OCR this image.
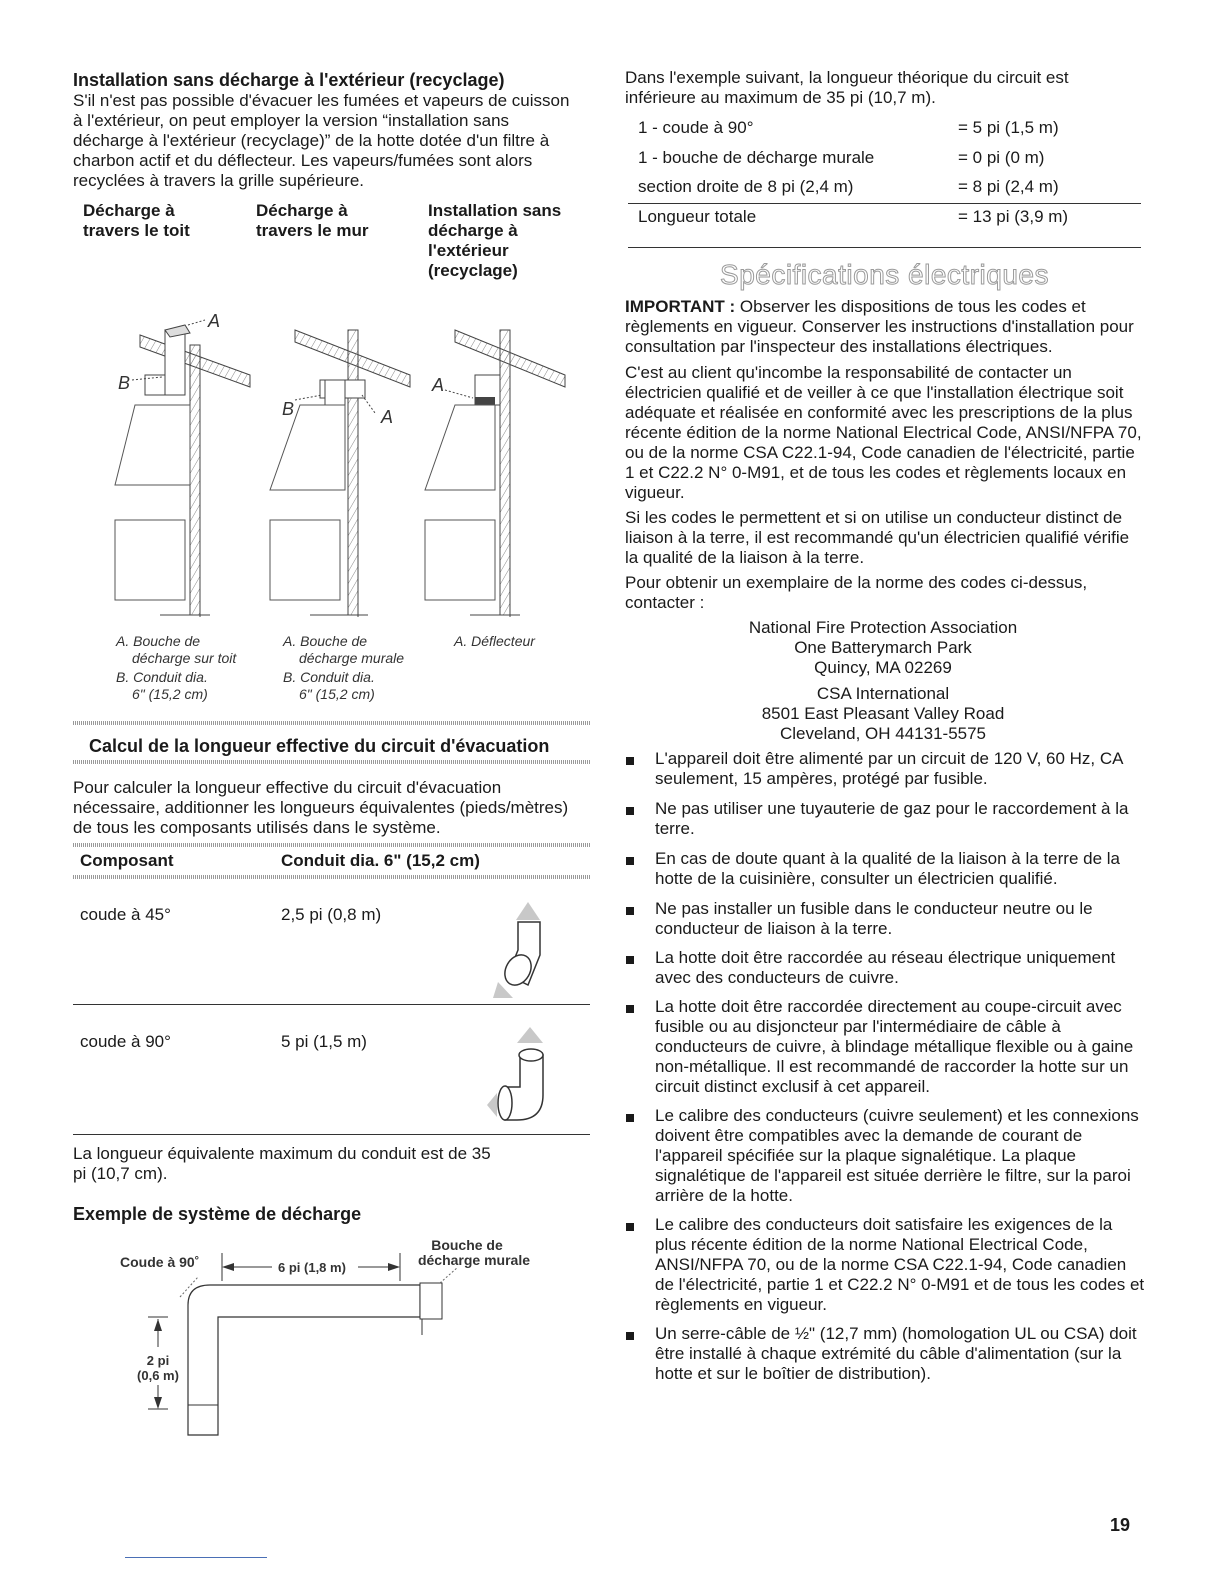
Installation sans décharge à l'extérieur (recyclage)

S'il n'est pas possible d'évacuer les fumées et vapeurs de cuisson à l'extérieur, on peut employer la version “installation sans décharge à l'extérieur (recyclage)” de la hotte dotée d'un filtre à charbon actif et du déflecteur. Les vapeurs/fumées sont alors recyclées à travers la grille supérieure.

Décharge à travers le toit
Décharge à travers le mur
Installation sans décharge à l'extérieur (recyclage)
A
B
B	A
A
A. Bouche de
décharge sur toit
B. Conduit dia.
6" (15,2 cm)
A. Bouche de
décharge murale
B. Conduit dia.
6" (15,2 cm)
A. Déflecteur
Calcul de la longueur effective du circuit d'évacuation

Pour calculer la longueur effective du circuit d'évacuation nécessaire, additionner les longueurs équivalentes (pieds/mètres) de tous les composants utilisés dans le système.

Composant	Conduit dia. 6" (15,2 cm)
coude à 45°	2,5 pi (0,8 m)
coude à 90°	5 pi (1,5 m)

La longueur équivalente maximum du conduit est de 35 pi (10,7 cm).

Exemple de système de décharge
Coude à 90˚	6 pi (1,8 m)
Bouche de
décharge murale
2 pi
(0,6 m)

Dans l'exemple suivant, la longueur théorique du circuit est inférieure au maximum de 35 pi (10,7 m).

1 - coude à 90°	= 5 pi (1,5 m)
1 - bouche de décharge murale	= 0 pi (0 m)
section droite de 8 pi (2,4 m)	= 8 pi (2,4 m)
Longueur totale	= 13 pi (3,9 m)
Spécifications électriques

IMPORTANT : Observer les dispositions de tous les codes et règlements en vigueur. Conserver les instructions d'installation pour consultation par l'inspecteur des installations électriques.

C'est au client qu'incombe la responsabilité de contacter un électricien qualifié et de veiller à ce que l'installation électrique soit adéquate et réalisée en conformité avec les prescriptions de la plus récente édition de la norme National Electrical Code, ANSI/NFPA 70, ou de la norme CSA C22.1-94, Code canadien de l'électricité, partie 1 et C22.2 N° 0-M91, et de tous les codes et règlements locaux en vigueur.

Si les codes le permettent et si on utilise un conducteur distinct de liaison à la terre, il est recommandé qu'un électricien qualifié vérifie la qualité de la liaison à la terre.

Pour obtenir un exemplaire de la norme des codes ci-dessus, contacter :

National Fire Protection Association
One Batterymarch Park
Quincy, MA 02269
CSA International
8501 East Pleasant Valley Road
Cleveland, OH 44131-5575

L'appareil doit être alimenté par un circuit de 120 V, 60 Hz, CA seulement, 15 ampères, protégé par fusible.

Ne pas utiliser une tuyauterie de gaz pour le raccordement à la terre.

En cas de doute quant à la qualité de la liaison à la terre de la hotte de la cuisinière, consulter un électricien qualifié.

Ne pas installer un fusible dans le conducteur neutre ou le conducteur de liaison à la terre.

La hotte doit être raccordée au réseau électrique uniquement avec des conducteurs de cuivre.

La hotte doit être raccordée directement au coupe-circuit avec fusible ou au disjoncteur par l'intermédiaire de câble à conducteurs de cuivre, à blindage métallique flexible ou à gaine non-métallique. Il est recommandé de raccorder la hotte sur un circuit distinct exclusif à cet appareil.

Le calibre des conducteurs (cuivre seulement) et les connexions doivent être compatibles avec la demande de courant de l'appareil spécifiée sur la plaque signalétique. La plaque signalétique de l'appareil est située derrière le filtre, sur la paroi arrière de la hotte.

Le calibre des conducteurs doit satisfaire les exigences de la plus récente édition de la norme National Electrical Code, ANSI/NFPA 70, ou de la norme CSA C22.1-94, Code canadien de l'électricité, partie 1 et C22.2 N° 0-M91 et de tous les codes et règlements en vigueur.

Un serre-câble de ½" (12,7 mm) (homologation UL ou CSA) doit être installé à chaque extrémité du câble d'alimentation (sur la hotte et sur le boîtier de distribution).

19
